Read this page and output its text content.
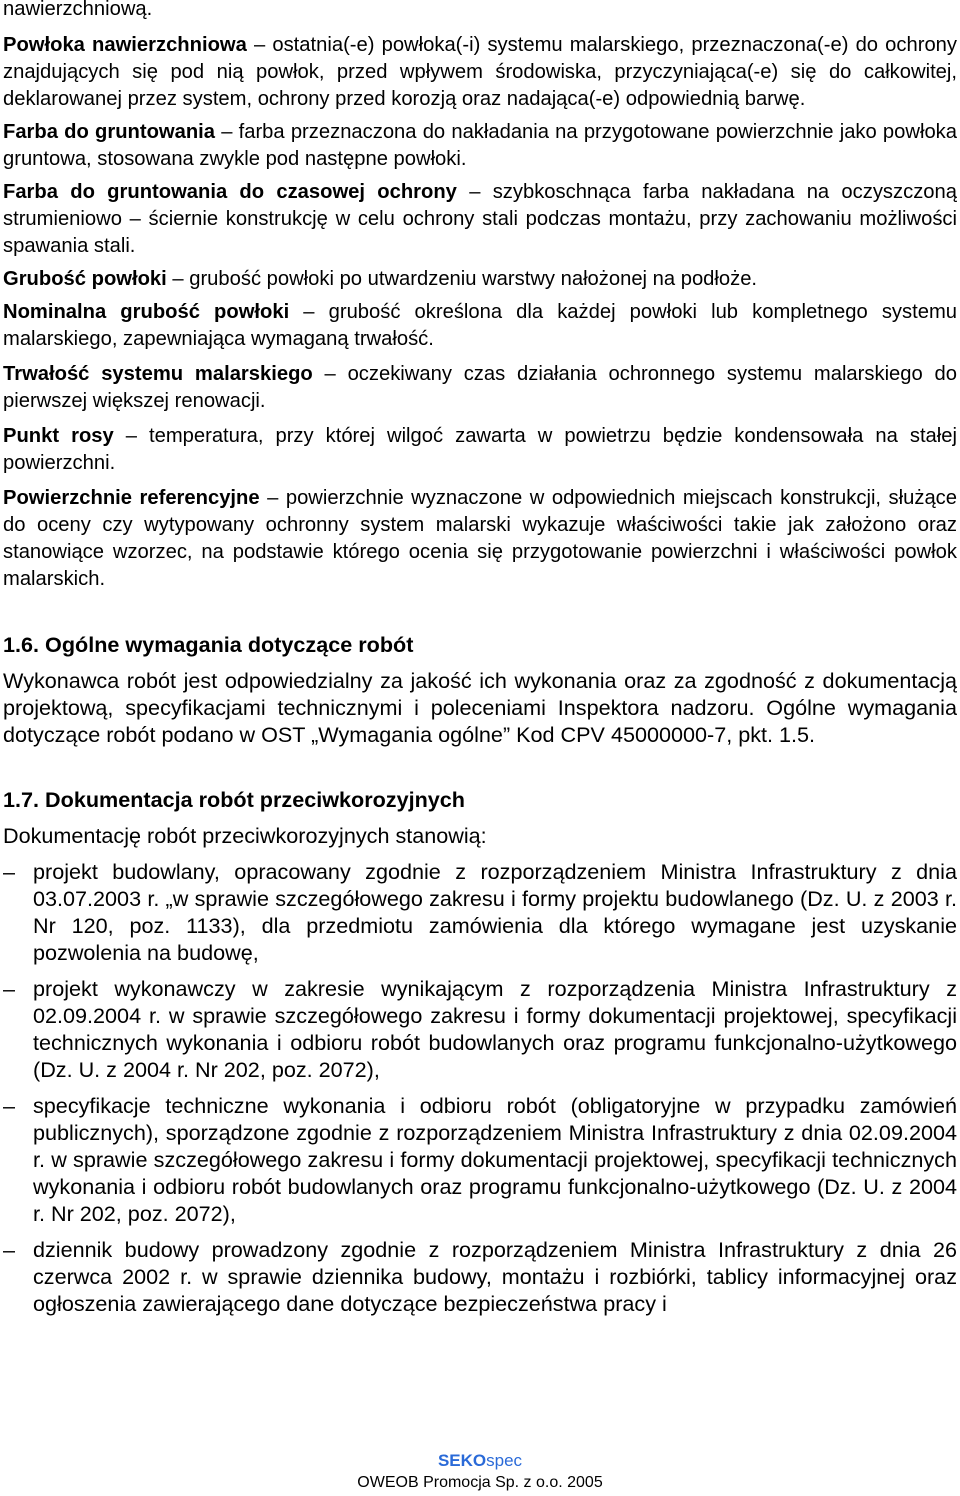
nawierzchniową.

Powłoka nawierzchniowa – ostatnia(-e) powłoka(-i) systemu malarskiego, przeznaczona(-e) do ochrony znajdujących się pod nią powłok, przed wpływem środowiska, przyczyniająca(-e) się do całkowitej, deklarowanej przez system, ochrony przed korozją oraz nadająca(-e) odpowiednią barwę.

Farba do gruntowania – farba przeznaczona do nakładania na przygotowane powierzchnie jako powłoka gruntowa, stosowana zwykle pod następne powłoki.

Farba do gruntowania do czasowej ochrony – szybkoschnąca farba nakładana na oczyszczoną strumieniowo – ściernie konstrukcję w celu ochrony stali podczas montażu, przy zachowaniu możliwości spawania stali.

Grubość powłoki – grubość powłoki po utwardzeniu warstwy nałożonej na podłoże.

Nominalna grubość powłoki – grubość określona dla każdej powłoki lub kompletnego systemu malarskiego, zapewniająca wymaganą trwałość.

Trwałość systemu malarskiego – oczekiwany czas działania ochronnego systemu malarskiego do pierwszej większej renowacji.

Punkt rosy – temperatura, przy której wilgoć zawarta w powietrzu będzie kondensowała na stałej powierzchni.

Powierzchnie referencyjne – powierzchnie wyznaczone w odpowiednich miejscach konstrukcji, służące do oceny czy wytypowany ochronny system malarski wykazuje właściwości takie jak założono oraz stanowiące wzorzec, na podstawie którego ocenia się przygotowanie powierzchni i właściwości powłok malarskich.

1.6. Ogólne wymagania dotyczące robót

Wykonawca robót jest odpowiedzialny za jakość ich wykonania oraz za zgodność z dokumentacją projektową, specyfikacjami technicznymi i poleceniami Inspektora nadzoru. Ogólne wymagania dotyczące robót podano w OST „Wymagania ogólne” Kod CPV 45000000-7, pkt. 1.5.

1.7. Dokumentacja robót przeciwkorozyjnych

Dokumentację robót przeciwkorozyjnych stanowią:

– projekt budowlany, opracowany zgodnie z rozporządzeniem Ministra Infrastruktury z dnia 03.07.2003 r. „w sprawie szczegółowego zakresu i formy projektu budowlanego (Dz. U. z 2003 r. Nr 120, poz. 1133), dla przedmiotu zamówienia dla którego wymagane jest uzyskanie pozwolenia na budowę,
– projekt wykonawczy w zakresie wynikającym z rozporządzenia Ministra Infrastruktury z 02.09.2004 r. w sprawie szczegółowego zakresu i formy dokumentacji projektowej, specyfikacji technicznych wykonania i odbioru robót budowlanych oraz programu funkcjonalno-użytkowego (Dz. U. z 2004 r. Nr 202, poz. 2072),
– specyfikacje techniczne wykonania i odbioru robót (obligatoryjne w przypadku zamówień publicznych), sporządzone zgodnie z rozporządzeniem Ministra Infrastruktury z dnia 02.09.2004 r. w sprawie szczegółowego zakresu i formy dokumentacji projektowej, specyfikacji technicznych wykonania i odbioru robót budowlanych oraz programu funkcjonalno-użytkowego (Dz. U. z 2004 r. Nr 202, poz. 2072),
– dziennik budowy prowadzony zgodnie z rozporządzeniem Ministra Infrastruktury z dnia 26 czerwca 2002 r. w sprawie dziennika budowy, montażu i rozbiórki, tablicy informacyjnej oraz ogłoszenia zawierającego dane dotyczące bezpieczeństwa pracy i
SEKOspec
OWEOB Promocja Sp. z o.o. 2005
